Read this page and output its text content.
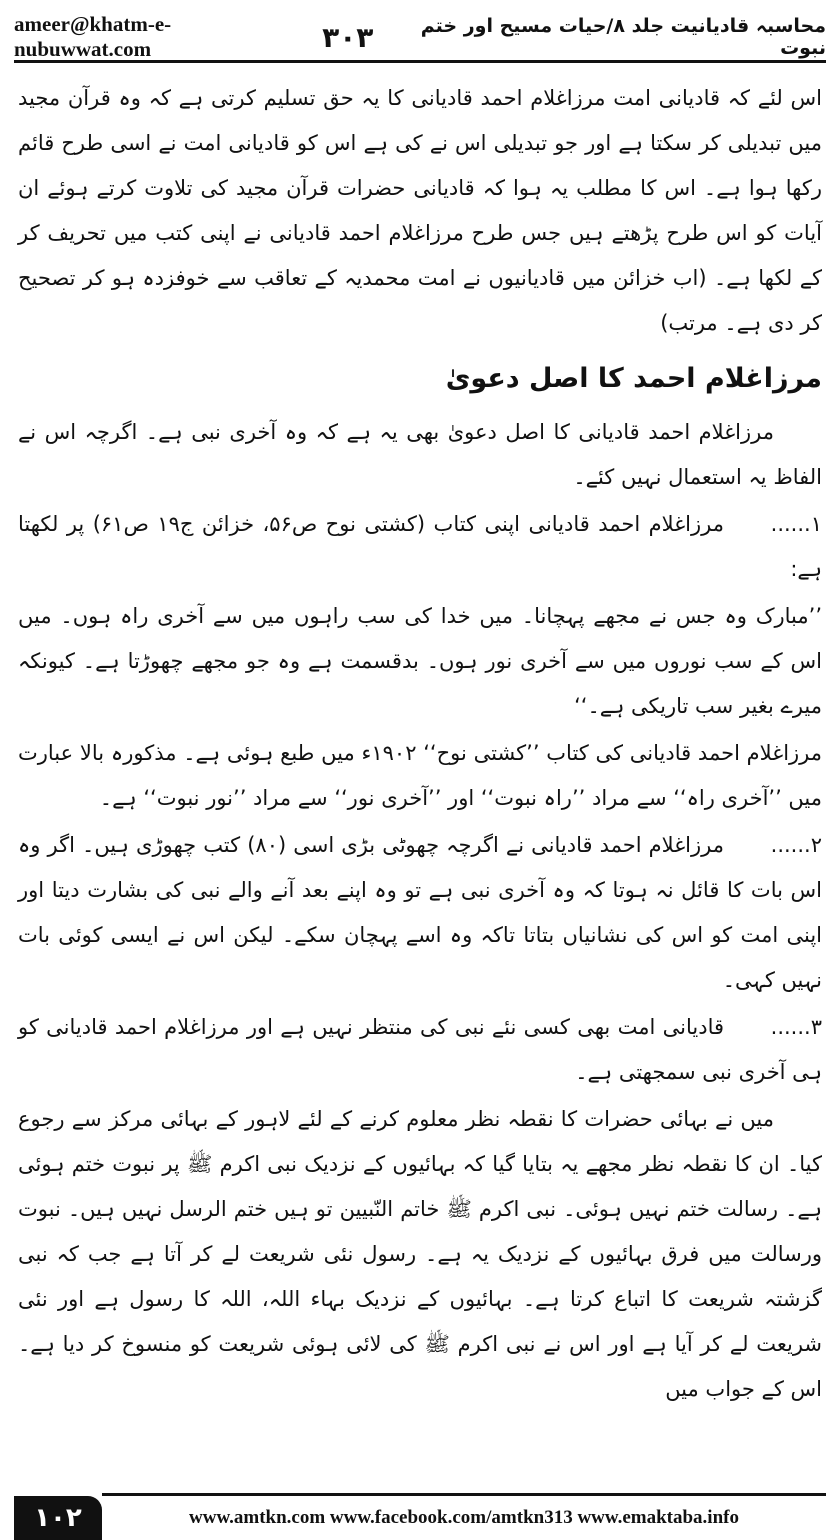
ameer@khatm-e-nubuwwat.com	٣٠٣	محاسبہ قادیانیت جلد ۸/حیات مسیح اور ختم نبوت

اس لئے کہ قادیانی امت مرزاغلام احمد قادیانی کا یہ حق تسلیم کرتی ہے کہ وہ قرآن مجید میں تبدیلی کر سکتا ہے اور جو تبدیلی اس نے کی ہے اس کو قادیانی امت نے اسی طرح قائم رکھا ہوا ہے۔ اس کا مطلب یہ ہوا کہ قادیانی حضرات قرآن مجید کی تلاوت کرتے ہوئے ان آیات کو اس طرح پڑھتے ہیں جس طرح مرزاغلام احمد قادیانی نے اپنی کتب میں تحریف کر کے لکھا ہے۔ (اب خزائن میں قادیانیوں نے امت محمدیہ کے تعاقب سے خوفزدہ ہو کر تصحیح کر دی ہے۔ مرتب)

مرزاغلام احمد کا اصل دعویٰ

مرزاغلام احمد قادیانی کا اصل دعویٰ بھی یہ ہے کہ وہ آخری نبی ہے۔ اگرچہ اس نے الفاظ یہ استعمال نہیں کئے۔

١......مرزاغلام احمد قادیانی اپنی کتاب (کشتی نوح ص۵۶، خزائن ج۱۹ ص۶۱) پر لکھتا ہے:

’’مبارک وہ جس نے مجھے پہچانا۔ میں خدا کی سب راہوں میں سے آخری راہ ہوں۔ میں اس کے سب نوروں میں سے آخری نور ہوں۔ بدقسمت ہے وہ جو مجھے چھوڑتا ہے۔ کیونکہ میرے بغیر سب تاریکی ہے۔‘‘

مرزاغلام احمد قادیانی کی کتاب ’’کشتی نوح‘‘ ۱۹۰۲ء میں طبع ہوئی ہے۔ مذکورہ بالا عبارت میں ’’آخری راہ‘‘ سے مراد ’’راہ نبوت‘‘ اور ’’آخری نور‘‘ سے مراد ’’نور نبوت‘‘ ہے۔

٢......مرزاغلام احمد قادیانی نے اگرچہ چھوٹی بڑی اسی (۸۰) کتب چھوڑی ہیں۔ اگر وہ اس بات کا قائل نہ ہوتا کہ وہ آخری نبی ہے تو وہ اپنے بعد آنے والے نبی کی بشارت دیتا اور اپنی امت کو اس کی نشانیاں بتاتا تاکہ وہ اسے پہچان سکے۔ لیکن اس نے ایسی کوئی بات نہیں کہی۔

٣......قادیانی امت بھی کسی نئے نبی کی منتظر نہیں ہے اور مرزاغلام احمد قادیانی کو ہی آخری نبی سمجھتی ہے۔

میں نے بہائی حضرات کا نقطہ نظر معلوم کرنے کے لئے لاہور کے بہائی مرکز سے رجوع کیا۔ ان کا نقطہ نظر مجھے یہ بتایا گیا کہ بہائیوں کے نزدیک نبی اکرم ﷺ پر نبوت ختم ہوئی ہے۔ رسالت ختم نہیں ہوئی۔ نبی اکرم ﷺ خاتم النّبیین تو ہیں ختم الرسل نہیں ہیں۔ نبوت ورسالت میں فرق بہائیوں کے نزدیک یہ ہے۔ رسول نئی شریعت لے کر آتا ہے جب کہ نبی گزشتہ شریعت کا اتباع کرتا ہے۔ بہائیوں کے نزدیک بہاء اللہ، اللہ کا رسول ہے اور نئی شریعت لے کر آیا ہے اور اس نے نبی اکرم ﷺ کی لائی ہوئی شریعت کو منسوخ کر دیا ہے۔ اس کے جواب میں

١٠٢	www.amtkn.com www.facebook.com/amtkn313 www.emaktaba.info
